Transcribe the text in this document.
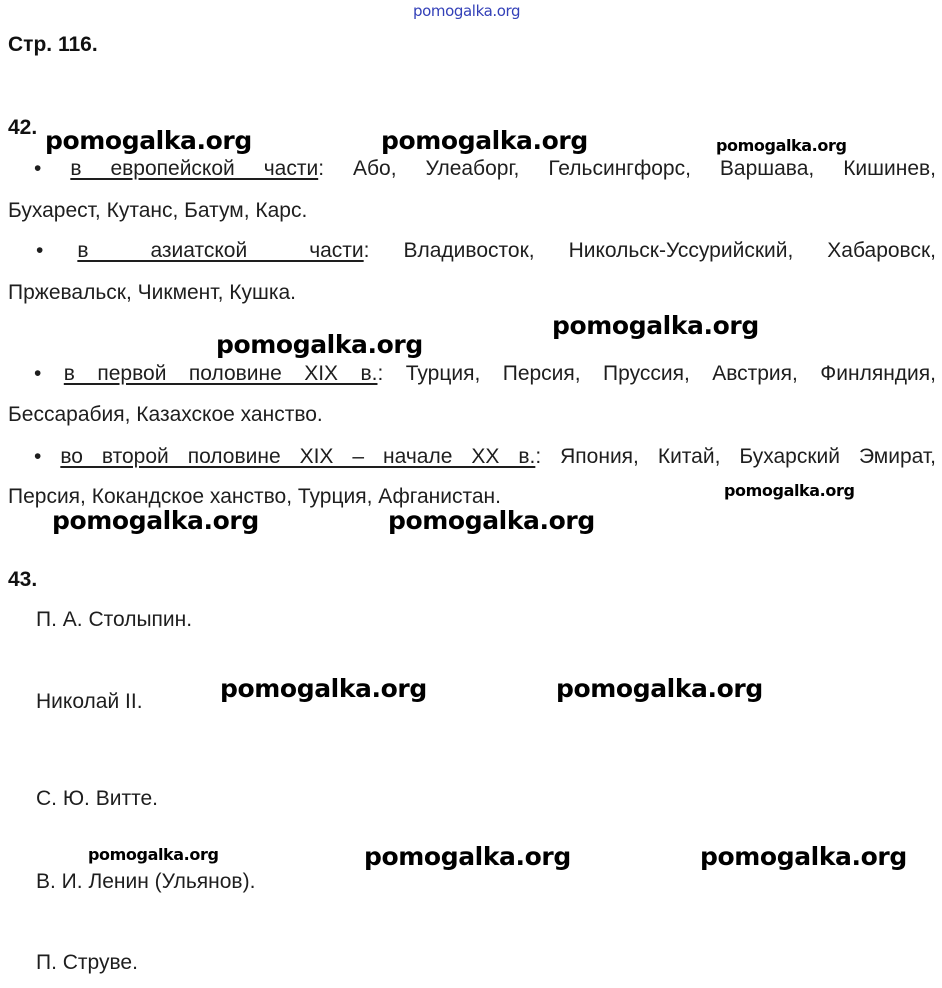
pomogalka.org
Стр. 116.
42.
• в европейской части: Або, Улеаборг, Гельсингфорс, Варшава, Кишинев,
Бухарест, Кутанс, Батум, Карс.
• в азиатской части: Владивосток, Никольск-Уссурийский, Хабаровск,
Пржевальск, Чикмент, Кушка.
• в первой половине XIX в.: Турция, Персия, Пруссия, Австрия, Финляндия,
Бессарабия, Казахское ханство.
• во второй половине XIX – начале XX в.: Япония, Китай, Бухарский Эмират,
Персия, Кокандское ханство, Турция, Афганистан.
43.
П. А. Столыпин.
Николай II.
С. Ю. Витте.
В. И. Ленин (Ульянов).
П. Струве.
pomogalka.org	pomogalka.org	pomogalka.org
pomogalka.org
pomogalka.org
pomogalka.org
pomogalka.org	pomogalka.org
pomogalka.org	pomogalka.org
pomogalka.org	pomogalka.org	pomogalka.org
